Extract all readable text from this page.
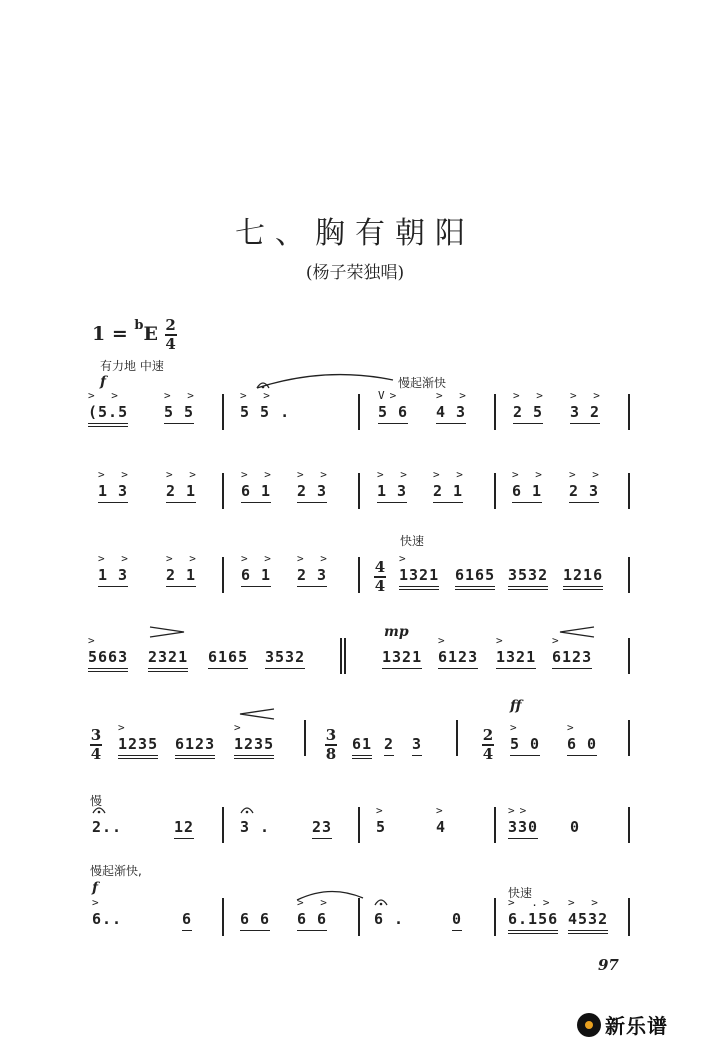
七、胸有朝阳
(杨子荣独唱)
$1 = ^bE \frac{2}{4}$
有力地 中速
慢起渐快
f
> >
(5.5
> >
5 5
> >
5 5 .
V>
5 6
> >
4 3
> >
2 5
> >
3 2
> >
1 3
> >
2 1
> >
6 1
> >
2 3
> >
1 3
> >
2 1
> >
6 1
> >
2 3
快速
> >
1 3
> >
2 1
> >
6 1
> >
2 3
>
1321 6165 3532 1216
4
4
mp
>
5663 2321 6165 3532	1321
>
6123
>
1321
>
6123
ff
>
1235 6123
>
1235	61 2 3
>
5 0
>
6 0
3
4
3
8
2
4
慢
2..	12	3 .	23
>
5
>
4
>>
330 0
慢起渐快,
f	快速
>
6..	6	6 6
> >
6 6	6 .	0
> .>
6.156
> >
4532
97
新乐谱
